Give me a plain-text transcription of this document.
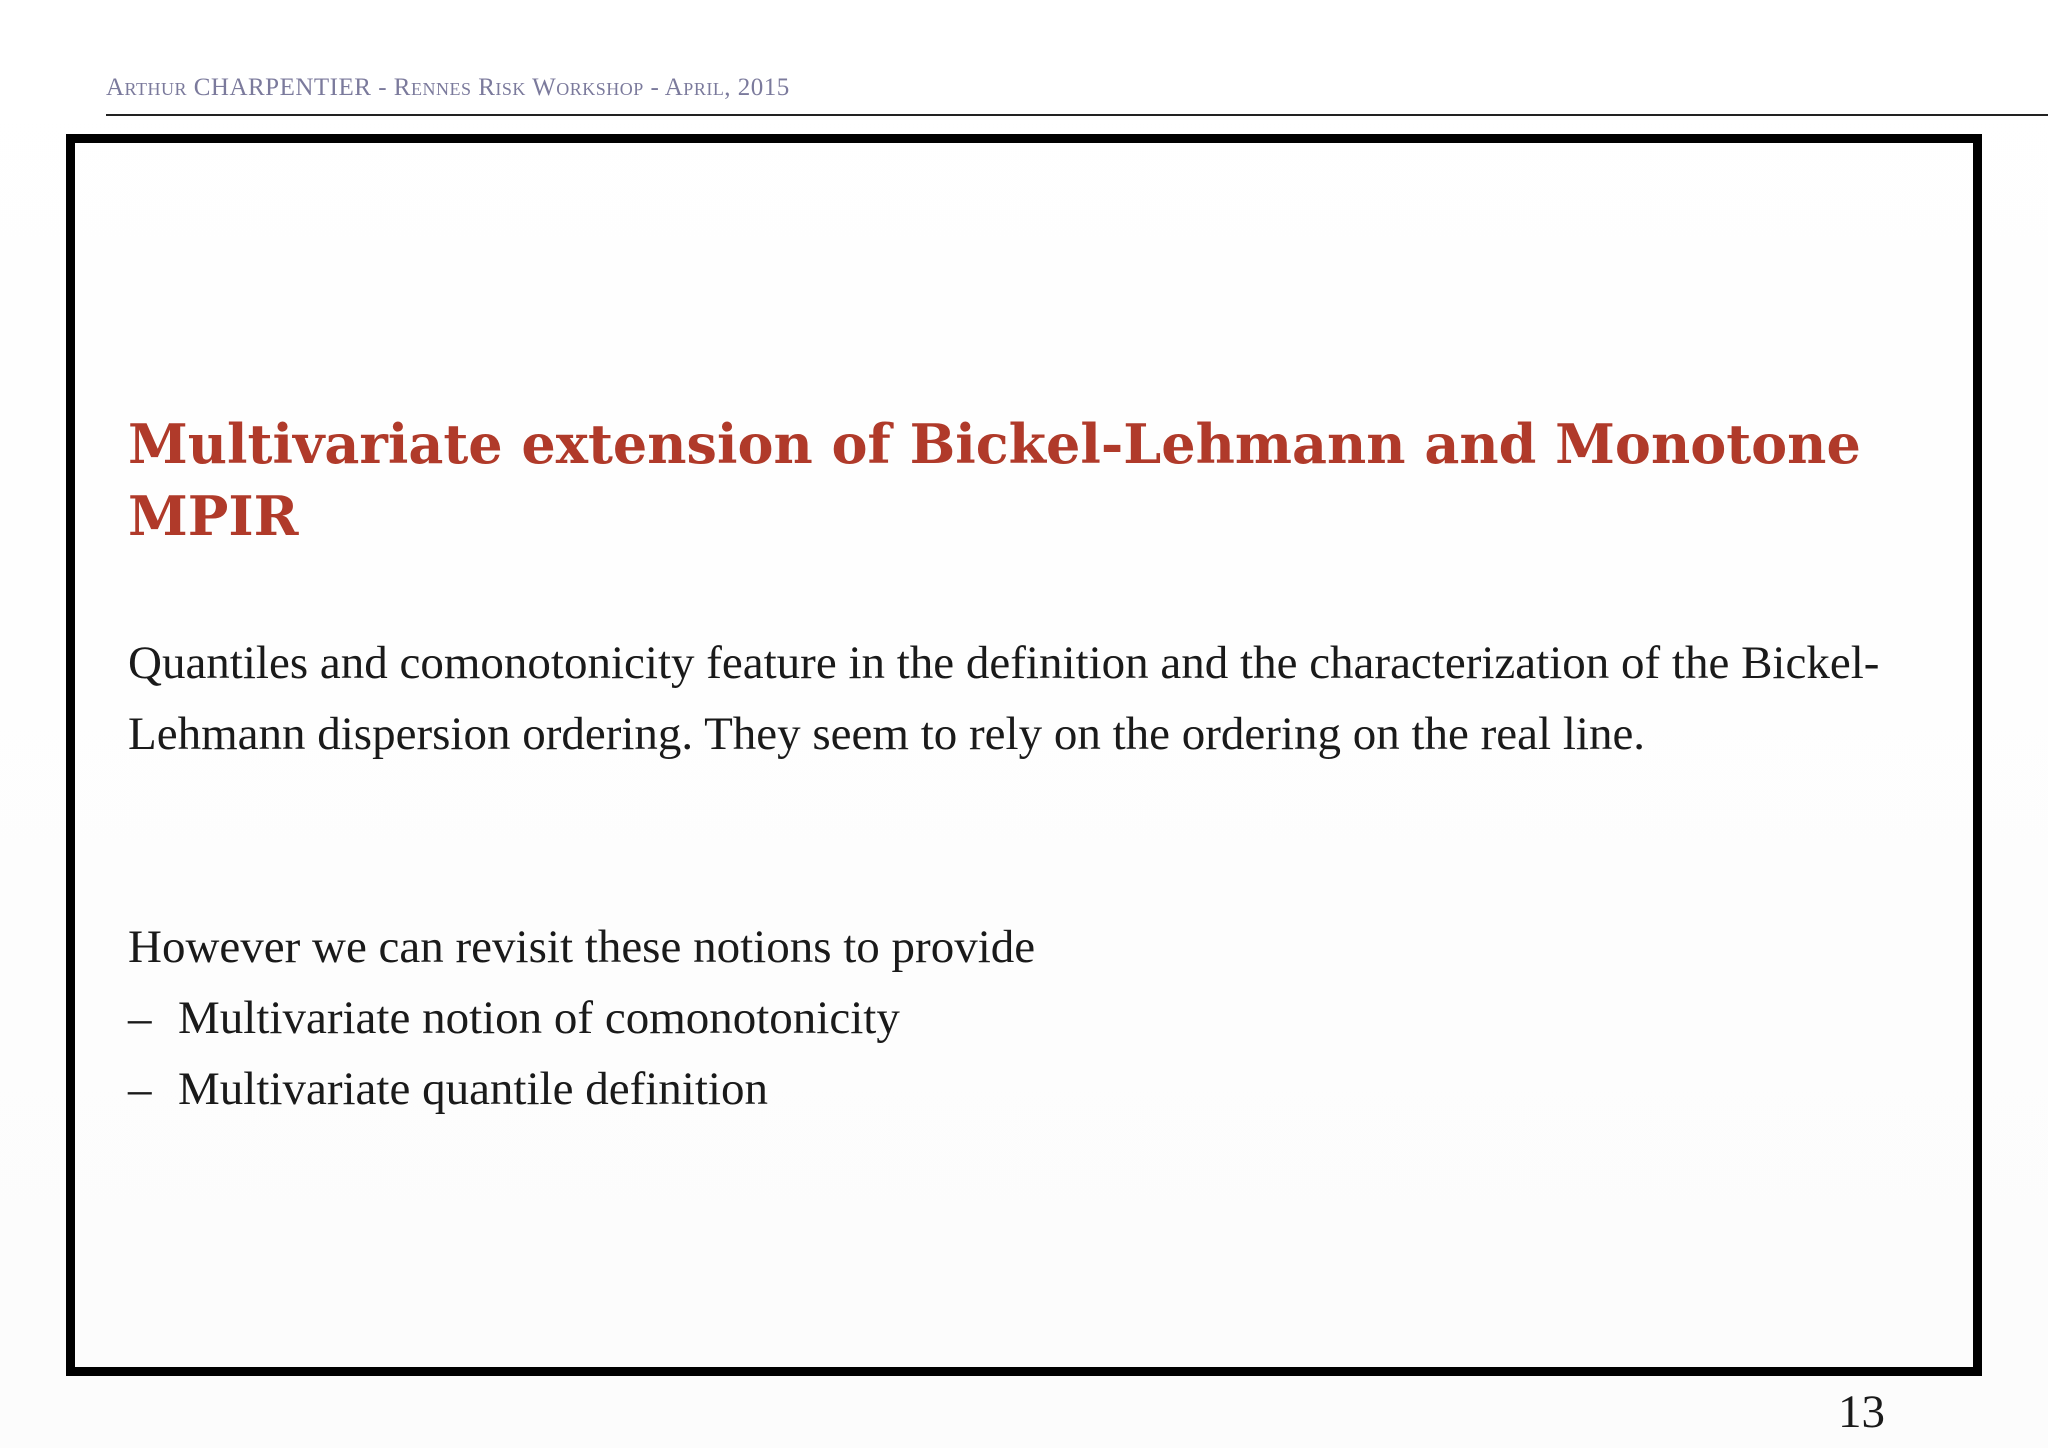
Arthur CHARPENTIER - Rennes Risk Workshop - April, 2015
Multivariate extension of Bickel-Lehmann and Monotone MPIR
Quantiles and comonotonicity feature in the definition and the characterization of the Bickel-Lehmann dispersion ordering. They seem to rely on the ordering on the real line.
However we can revisit these notions to provide
– Multivariate notion of comonotonicity
– Multivariate quantile definition
13
